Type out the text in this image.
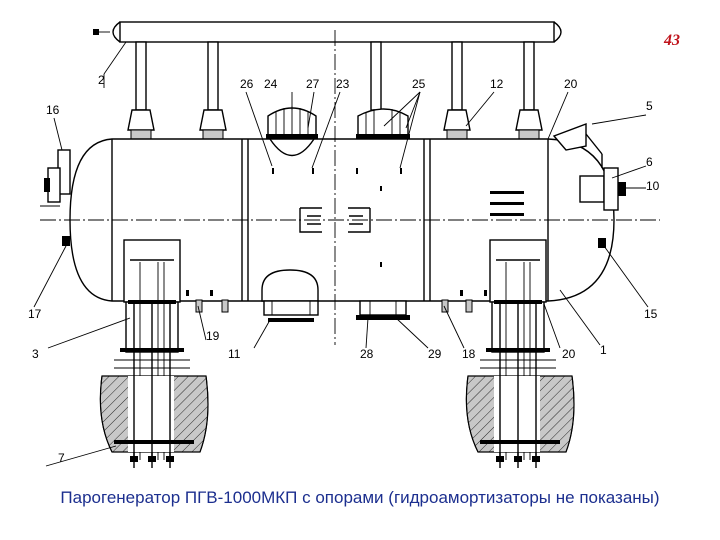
43
2	26 24 27 23	25	12	20
16	5
6
10
17	15
3
19
11	28	29 18	20 1
7
Парогенератор ПГВ-1000МКП с опорами (гидроамортизаторы не показаны)
